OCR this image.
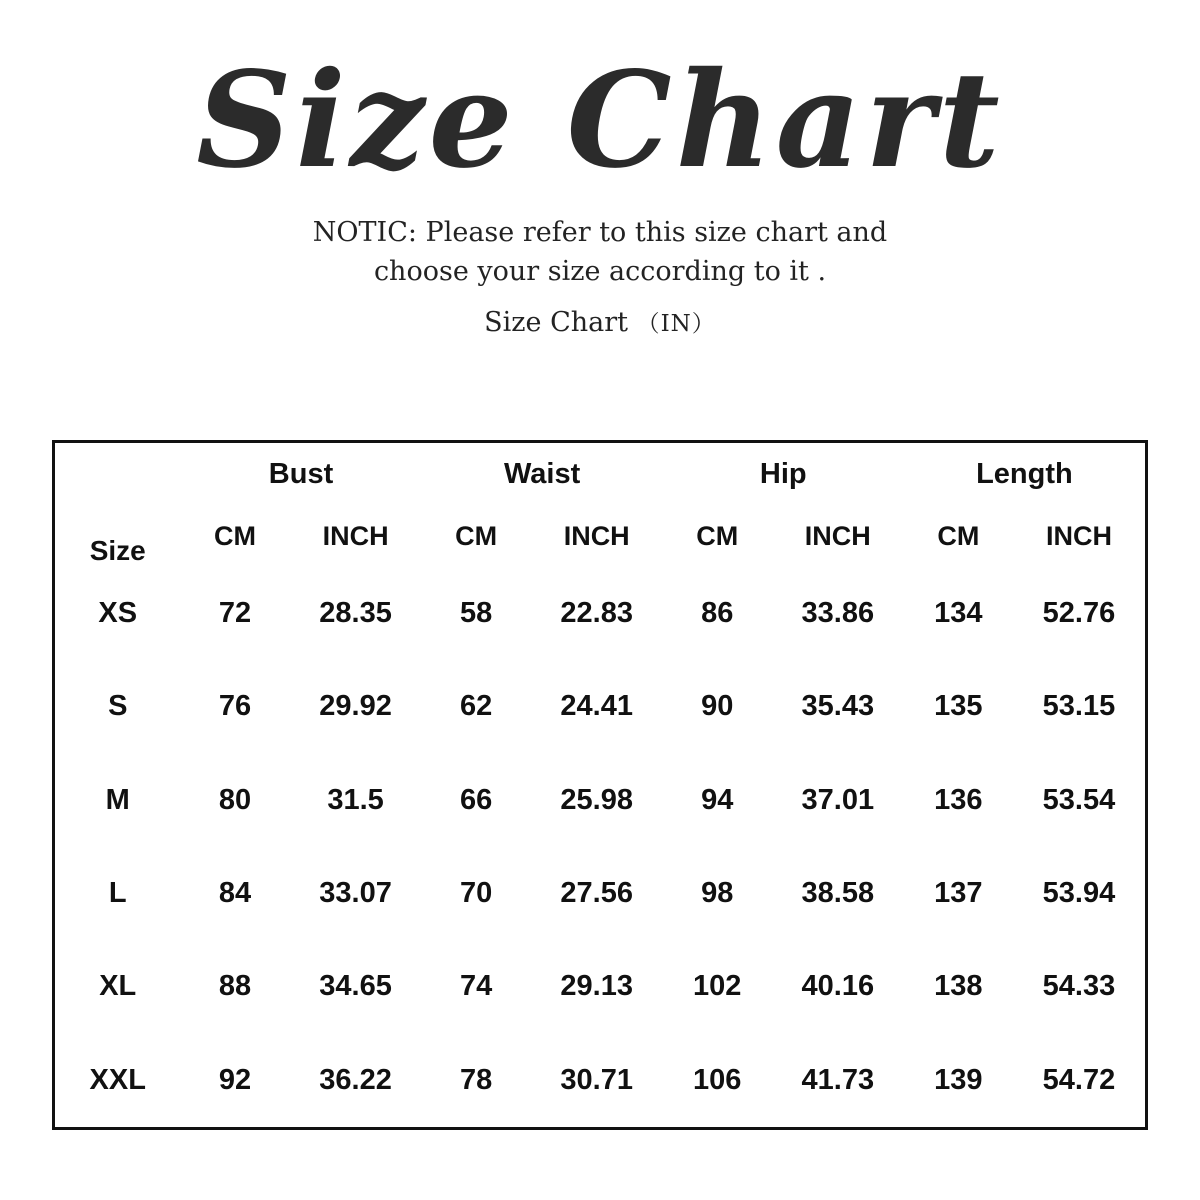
Size Chart
NOTIC: Please refer to this size chart and
choose your size according to it .
Size Chart （IN）
Size	Bust		Waist		Hip		Length	
	CM	INCH	CM	INCH	CM	INCH	CM	INCH
XS	72	28.35	58	22.83	86	33.86	134	52.76
S	76	29.92	62	24.41	90	35.43	135	53.15
M	80	31.5	66	25.98	94	37.01	136	53.54
L	84	33.07	70	27.56	98	38.58	137	53.94
XL	88	34.65	74	29.13	102	40.16	138	54.33
XXL	92	36.22	78	30.71	106	41.73	139	54.72
